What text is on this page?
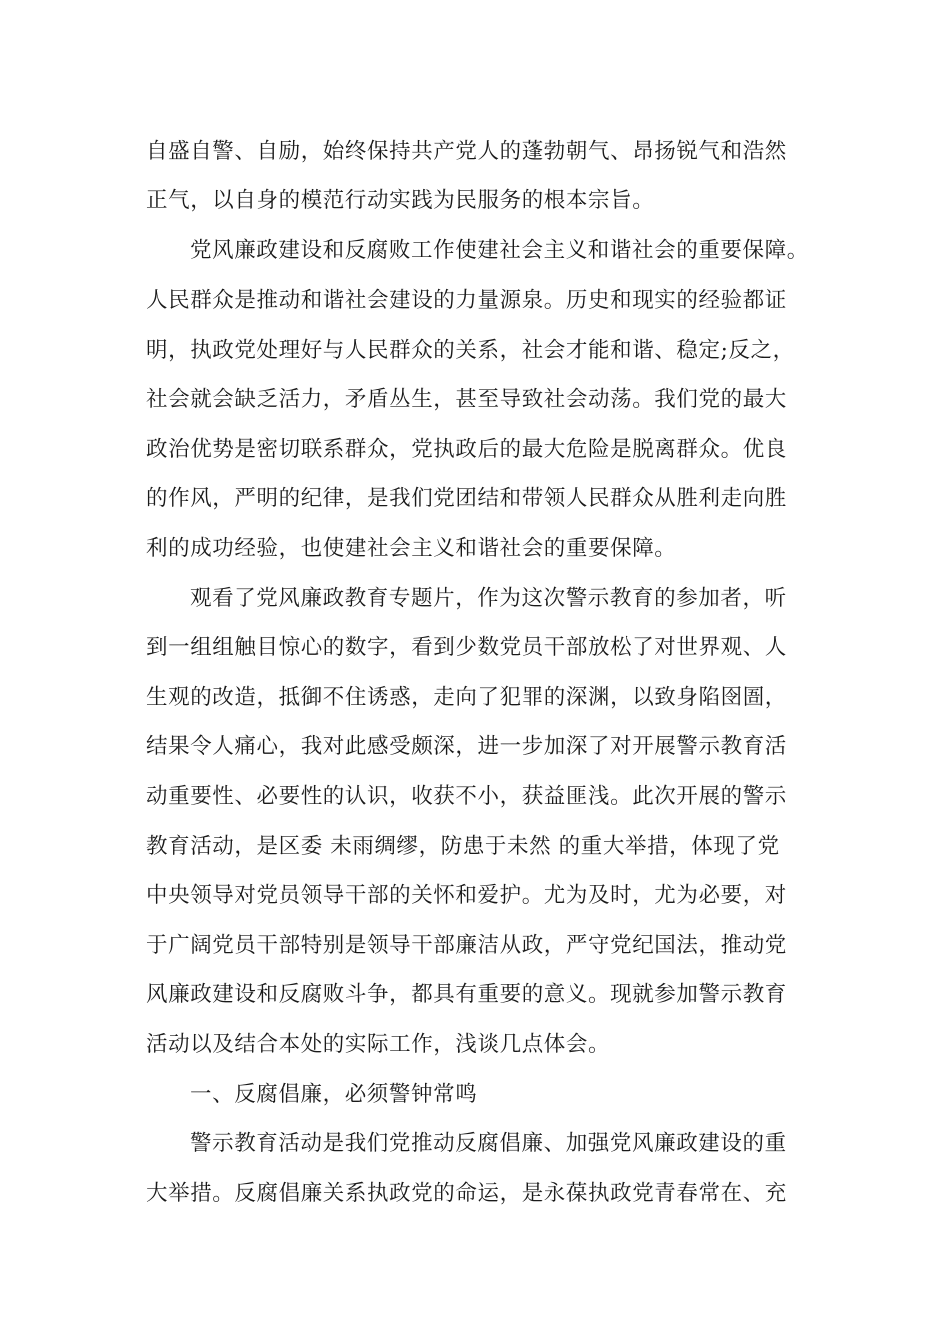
自盛自警、自励，始终保持共产党人的蓬勃朝气、昂扬锐气和浩然
正气，以自身的模范行动实践为民服务的根本宗旨。
党风廉政建设和反腐败工作使建社会主义和谐社会的重要保障。
人民群众是推动和谐社会建设的力量源泉。历史和现实的经验都证
明，执政党处理好与人民群众的关系，社会才能和谐、稳定;反之，
社会就会缺乏活力，矛盾丛生，甚至导致社会动荡。我们党的最大
政治优势是密切联系群众，党执政后的最大危险是脱离群众。优良
的作风，严明的纪律，是我们党团结和带领人民群众从胜利走向胜
利的成功经验，也使建社会主义和谐社会的重要保障。
观看了党风廉政教育专题片，作为这次警示教育的参加者，听
到一组组触目惊心的数字，看到少数党员干部放松了对世界观、人
生观的改造，抵御不住诱惑，走向了犯罪的深渊，以致身陷囹圄，
结果令人痛心，我对此感受颇深，进一步加深了对开展警示教育活
动重要性、必要性的认识，收获不小，获益匪浅。此次开展的警示
教育活动，是区委 未雨绸缪，防患于未然 的重大举措，体现了党
中央领导对党员领导干部的关怀和爱护。尤为及时，尤为必要，对
于广阔党员干部特别是领导干部廉洁从政，严守党纪国法，推动党
风廉政建设和反腐败斗争，都具有重要的意义。现就参加警示教育
活动以及结合本处的实际工作，浅谈几点体会。
一、反腐倡廉，必须警钟常鸣
警示教育活动是我们党推动反腐倡廉、加强党风廉政建设的重
大举措。反腐倡廉关系执政党的命运，是永葆执政党青春常在、充
